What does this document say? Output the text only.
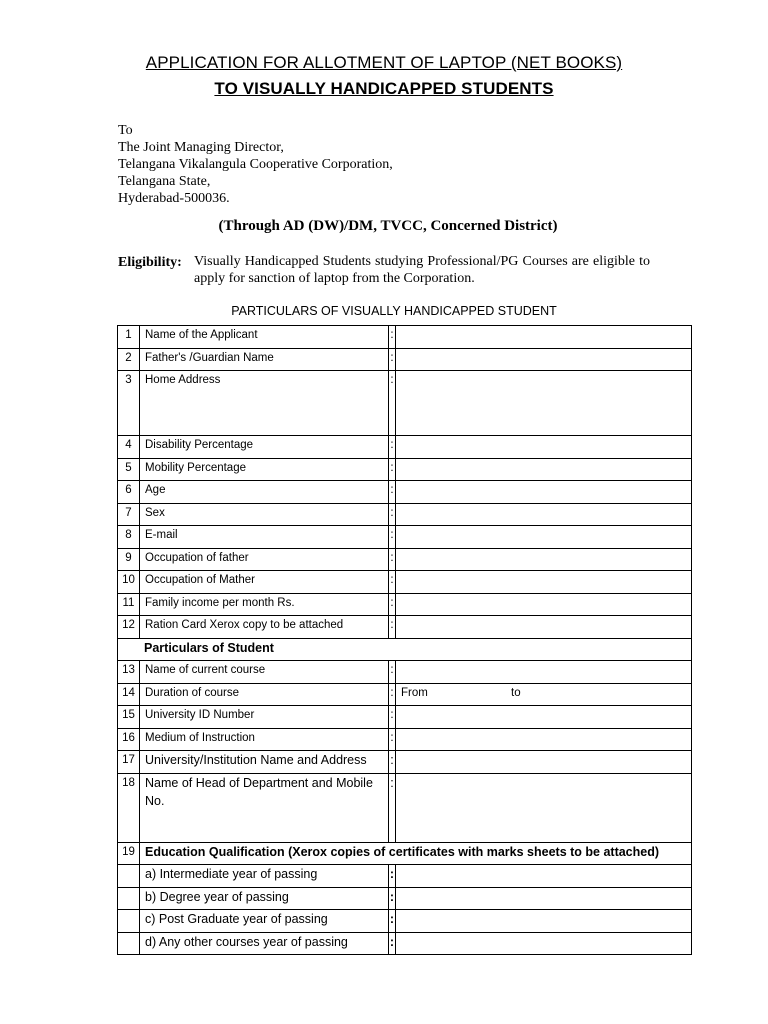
APPLICATION FOR ALLOTMENT OF LAPTOP (NET BOOKS)
TO VISUALLY HANDICAPPED STUDENTS
To
The Joint Managing Director,
Telangana Vikalangula Cooperative Corporation,
Telangana State,
Hyderabad-500036.
(Through AD (DW)/DM, TVCC, Concerned District)
Eligibility: Visually Handicapped Students studying Professional/PG Courses are eligible to apply for sanction of laptop from the Corporation.
PARTICULARS OF VISUALLY HANDICAPPED STUDENT
1	Name of the Applicant	:	
2	Father's /Guardian Name	:	
3	Home Address	:	
4	Disability Percentage	:	
5	Mobility Percentage	:	
6	Age	:	
7	Sex	:	
8	E-mail	:	
9	Occupation of father	:	
10	Occupation of Mather	:	
11	Family income per month Rs.	:	
12	Ration Card Xerox copy to be attached	:	
Particulars of Student			
13	Name of current course	:	
14	Duration of course	:	From to
15	University ID Number	:	
16	Medium of Instruction	:	
17	University/Institution Name and Address	:	
18	Name of Head of Department and Mobile No.	:	
19	Education Qualification (Xerox copies of certificates with marks sheets to be attached)		
	a) Intermediate year of passing	:	
	b) Degree year of passing	:	
	c) Post Graduate year of passing	:	
	d) Any other courses year of passing	:	
